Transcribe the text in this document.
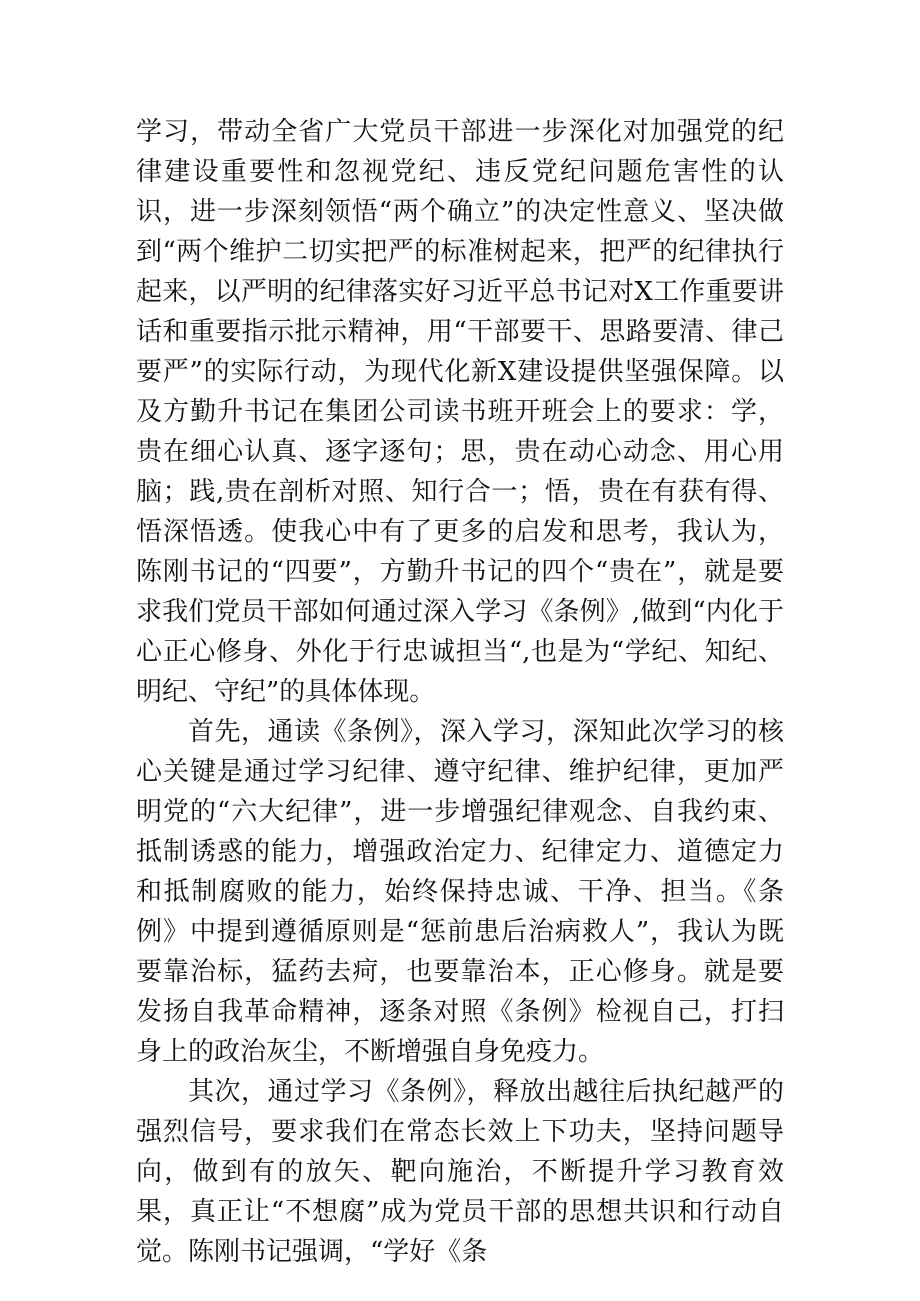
学习，带动全省广大党员干部进一步深化对加强党的纪律建设重要性和忽视党纪、违反党纪问题危害性的认识，进一步深刻领悟“两个确立”的决定性意义、坚决做到“两个维护二切实把严的标准树起来，把严的纪律执行起来，以严明的纪律落实好习近平总书记对X工作重要讲话和重要指示批示精神，用“干部要干、思路要清、律己要严”的实际行动，为现代化新X建设提供坚强保障。以及方勤升书记在集团公司读书班开班会上的要求：学，贵在细心认真、逐字逐句；思，贵在动心动念、用心用脑；践,贵在剖析对照、知行合一；悟，贵在有获有得、悟深悟透。使我心中有了更多的启发和思考，我认为，陈刚书记的“四要”，方勤升书记的四个“贵在”，就是要求我们党员干部如何通过深入学习《条例》,做到“内化于心正心修身、外化于行忠诚担当“,也是为“学纪、知纪、明纪、守纪”的具体体现。

首先，通读《条例》，深入学习，深知此次学习的核心关键是通过学习纪律、遵守纪律、维护纪律，更加严明党的“六大纪律”，进一步增强纪律观念、自我约束、抵制诱惑的能力，增强政治定力、纪律定力、道德定力和抵制腐败的能力，始终保持忠诚、干净、担当。《条例》中提到遵循原则是“惩前患后治病救人”，我认为既要靠治标，猛药去疴，也要靠治本，正心修身。就是要发扬自我革命精神，逐条对照《条例》检视自己，打扫身上的政治灰尘，不断增强自身免疫力。

其次，通过学习《条例》，释放出越往后执纪越严的强烈信号，要求我们在常态长效上下功夫，坚持问题导向，做到有的放矢、靶向施治，不断提升学习教育效果，真正让“不想腐”成为党员干部的思想共识和行动自觉。陈刚书记强调，“学好《条
